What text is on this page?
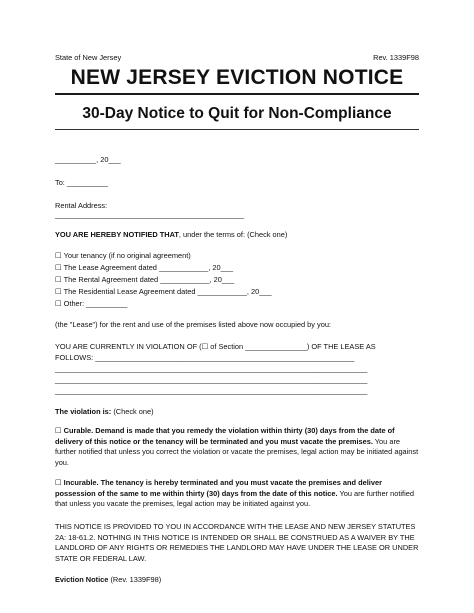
State of New Jersey	Rev. 1339F98
NEW JERSEY EVICTION NOTICE
30-Day Notice to Quit for Non-Compliance
__________, 20___
To: __________
Rental Address:
______________________________________________
YOU ARE HEREBY NOTIFIED THAT, under the terms of: (Check one)
☐ Your tenancy (if no original agreement)
☐ The Lease Agreement dated ____________, 20___
☐ The Rental Agreement dated ____________, 20___
☐ The Residential Lease Agreement dated ____________, 20___
☐ Other: __________
(the "Lease") for the rent and use of the premises listed above now occupied by you:
YOU ARE CURRENTLY IN VIOLATION OF (☐ of Section _______________) OF THE LEASE AS
FOLLOWS: _______________________________________________________________
____________________________________________________________________________
____________________________________________________________________________
____________________________________________________________________________
The violation is: (Check one)
☐ Curable. Demand is made that you remedy the violation within thirty (30) days from the date of delivery of this notice or the tenancy will be terminated and you must vacate the premises. You are further notified that unless you correct the violation or vacate the premises, legal action may be initiated against you.
☐ Incurable. The tenancy is hereby terminated and you must vacate the premises and deliver possession of the same to me within thirty (30) days from the date of this notice. You are further notified that unless you vacate the premises, legal action may be initiated against you.
THIS NOTICE IS PROVIDED TO YOU IN ACCORDANCE WITH THE LEASE AND NEW JERSEY STATUTES 2A: 18-61.2. NOTHING IN THIS NOTICE IS INTENDED OR SHALL BE CONSTRUED AS A WAIVER BY THE LANDLORD OF ANY RIGHTS OR REMEDIES THE LANDLORD MAY HAVE UNDER THE LEASE OR UNDER STATE OR FEDERAL LAW.
Eviction Notice (Rev. 1339F98)
